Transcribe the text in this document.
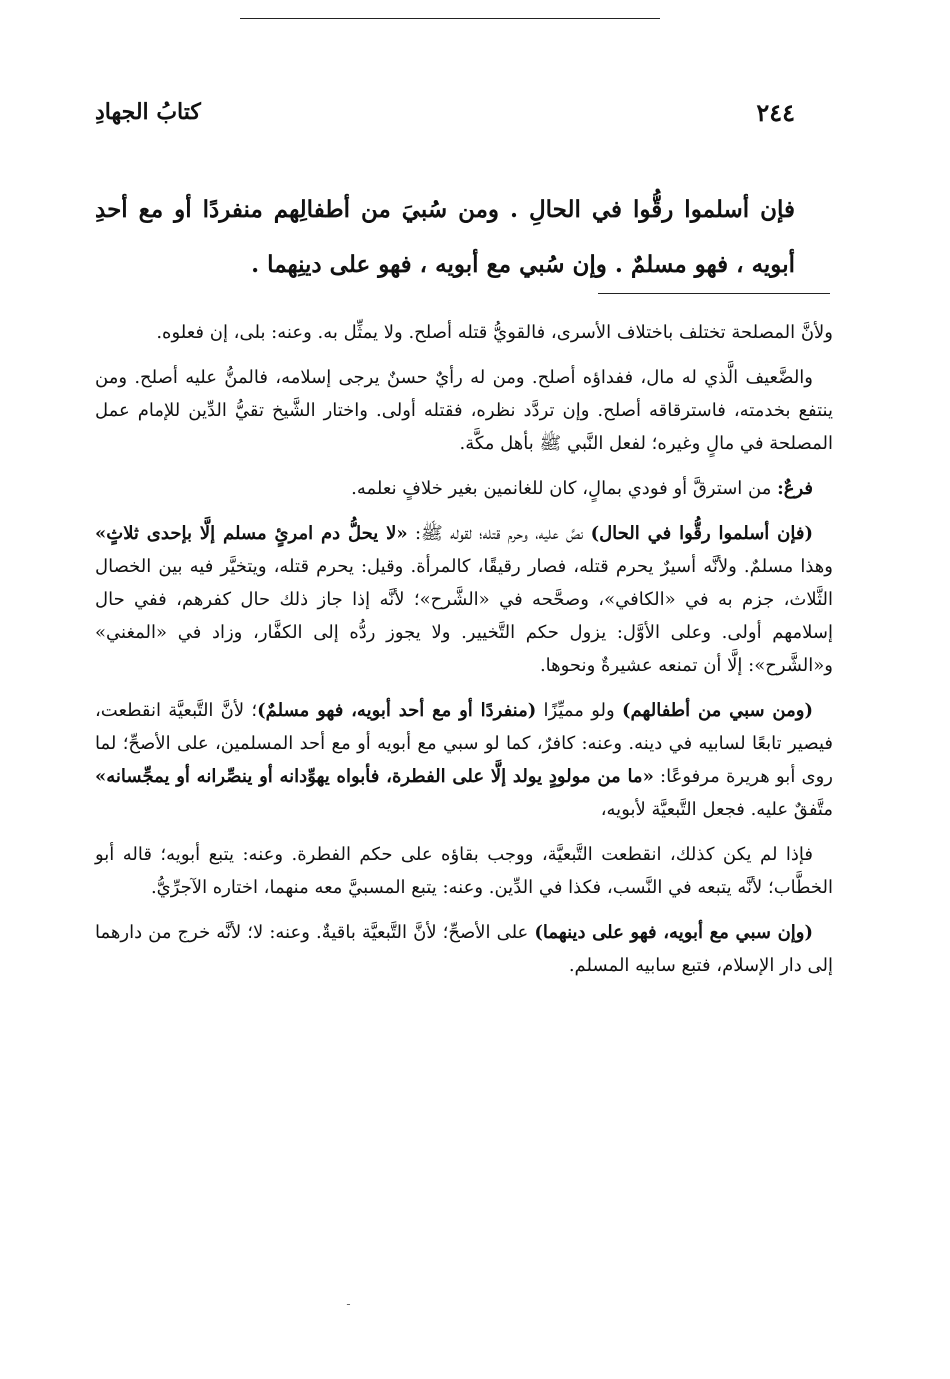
٢٤٤
كتابُ الجهادِ
فإن أسلموا رقُّوا في الحالِ . ومن سُبيَ من أطفالِهم منفردًا أو مع أحدِ أبويه ، فهو مسلمٌ . وإن سُبي مع أبويه ، فهو على دينِهما .

ولأنَّ المصلحة تختلف باختلاف الأسرى، فالقويُّ قتله أصلح. ولا يمثِّل به. وعنه: بلى، إن فعلوه.

والضَّعيف الَّذي له مال، ففداؤه أصلح. ومن له رأيٌ حسنٌ يرجى إسلامه، فالمنُّ عليه أصلح. ومن ينتفع بخدمته، فاسترقاقه أصلح. وإن تردَّد نظره، فقتله أولى. واختار الشَّيخ تقيُّ الدِّين للإمام عمل المصلحة في مالٍ وغيره؛ لفعل النَّبي ﷺ بأهل مكَّة.

فرعٌ: من استرقَّ أو فودي بمالٍ، كان للغانمين بغير خلافٍ نعلمه.

(فإن أسلموا رقُّوا في الحال) نصَّ عليه، وحرم قتله؛ لقوله ﷺ: «لا يحلُّ دم امرئٍ مسلم إلَّا بإحدى ثلاثٍ» وهذا مسلمٌ. ولأنَّه أسيرٌ يحرم قتله، فصار رقيقًا، كالمرأة. وقيل: يحرم قتله، ويتخيَّر فيه بين الخصال الثَّلاث، جزم به في «الكافي»، وصحَّحه في «الشَّرح»؛ لأنَّه إذا جاز ذلك حال كفرهم، ففي حال إسلامهم أولى. وعلى الأوَّل: يزول حكم التَّخيير. ولا يجوز ردُّه إلى الكفَّار، وزاد في «المغني» و«الشَّرح»: إلَّا أن تمنعه عشيرةٌ ونحوها.

(ومن سبي من أطفالهم) ولو مميِّزًا (منفردًا أو مع أحد أبويه، فهو مسلمٌ)؛ لأنَّ التَّبعيَّة انقطعت، فيصير تابعًا لسابيه في دينه. وعنه: كافرٌ، كما لو سبي مع أبويه أو مع أحد المسلمين، على الأصحِّ؛ لما روى أبو هريرة مرفوعًا: «ما من مولودٍ يولد إلَّا على الفطرة، فأبواه يهوِّدانه أو ينصِّرانه أو يمجِّسانه» متَّفقٌ عليه. فجعل التَّبعيَّة لأبويه،

فإذا لم يكن كذلك، انقطعت التَّبعيَّة، ووجب بقاؤه على حكم الفطرة. وعنه: يتبع أبويه؛ قاله أبو الخطَّاب؛ لأنَّه يتبعه في النَّسب، فكذا في الدِّين. وعنه: يتبع المسبيَّ معه منهما، اختاره الآجرِّيُّ.

(وإن سبي مع أبويه، فهو على دينهما) على الأصحِّ؛ لأنَّ التَّبعيَّة باقيةٌ. وعنه: لا؛ لأنَّه خرج من دارهما إلى دار الإسلام، فتبع سابيه المسلم.

ـ
